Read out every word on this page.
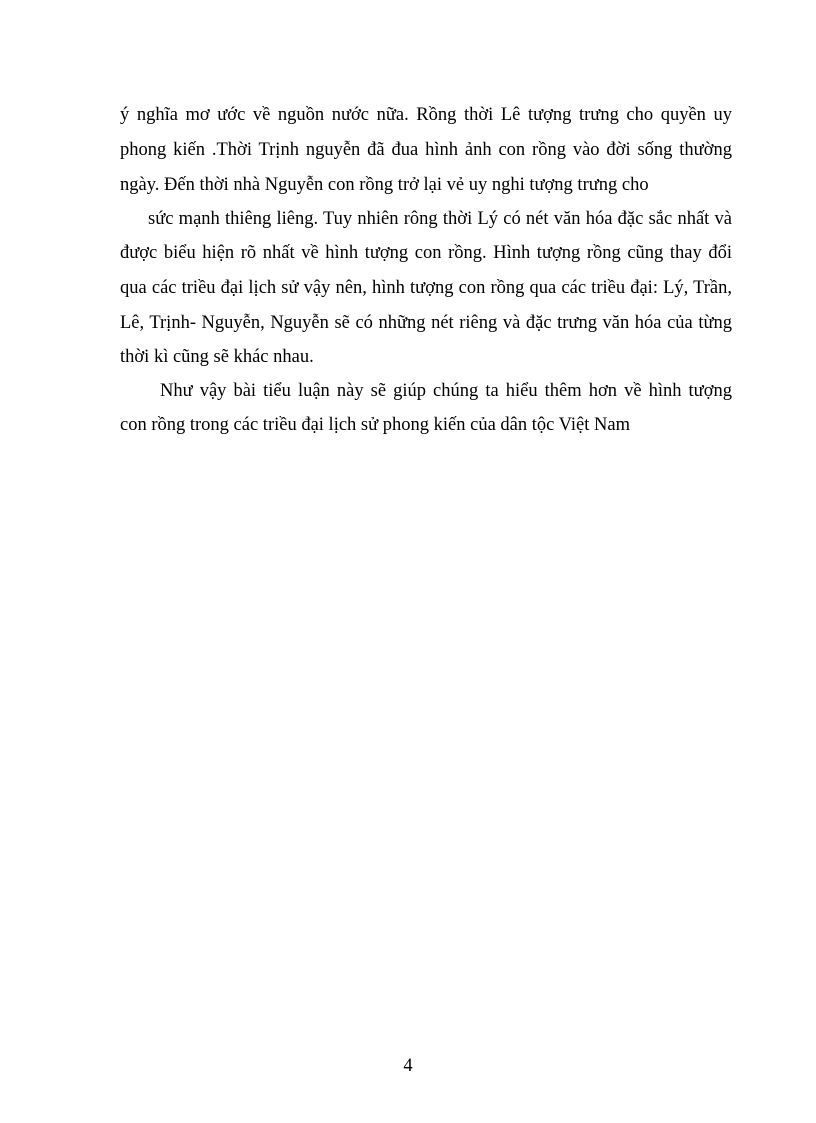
ý nghĩa mơ ước về nguồn nước nữa. Rồng thời Lê tượng trưng cho quyền uy
phong kiến .Thời Trịnh nguyễn đã đua hình ảnh con rồng vào đời sống thường
ngày. Đến thời nhà Nguyễn con rồng trở lại vẻ uy nghi tượng trưng cho
sức mạnh thiêng liêng. Tuy nhiên rông thời Lý có nét văn hóa đặc sắc nhất và
được biểu hiện rõ nhất về hình tượng con rồng. Hình tượng rồng cũng thay đổi
qua các triều đại lịch sử vậy nên, hình tượng con rồng qua các triều đại: Lý, Trần,
Lê, Trịnh- Nguyễn, Nguyễn sẽ có những nét riêng và đặc trưng văn hóa của từng
thời kì cũng sẽ khác nhau.
Như vậy bài tiểu luận này sẽ giúp chúng ta hiểu thêm hơn về hình tượng
con rồng trong các triều đại lịch sử phong kiến của dân tộc Việt Nam
4
